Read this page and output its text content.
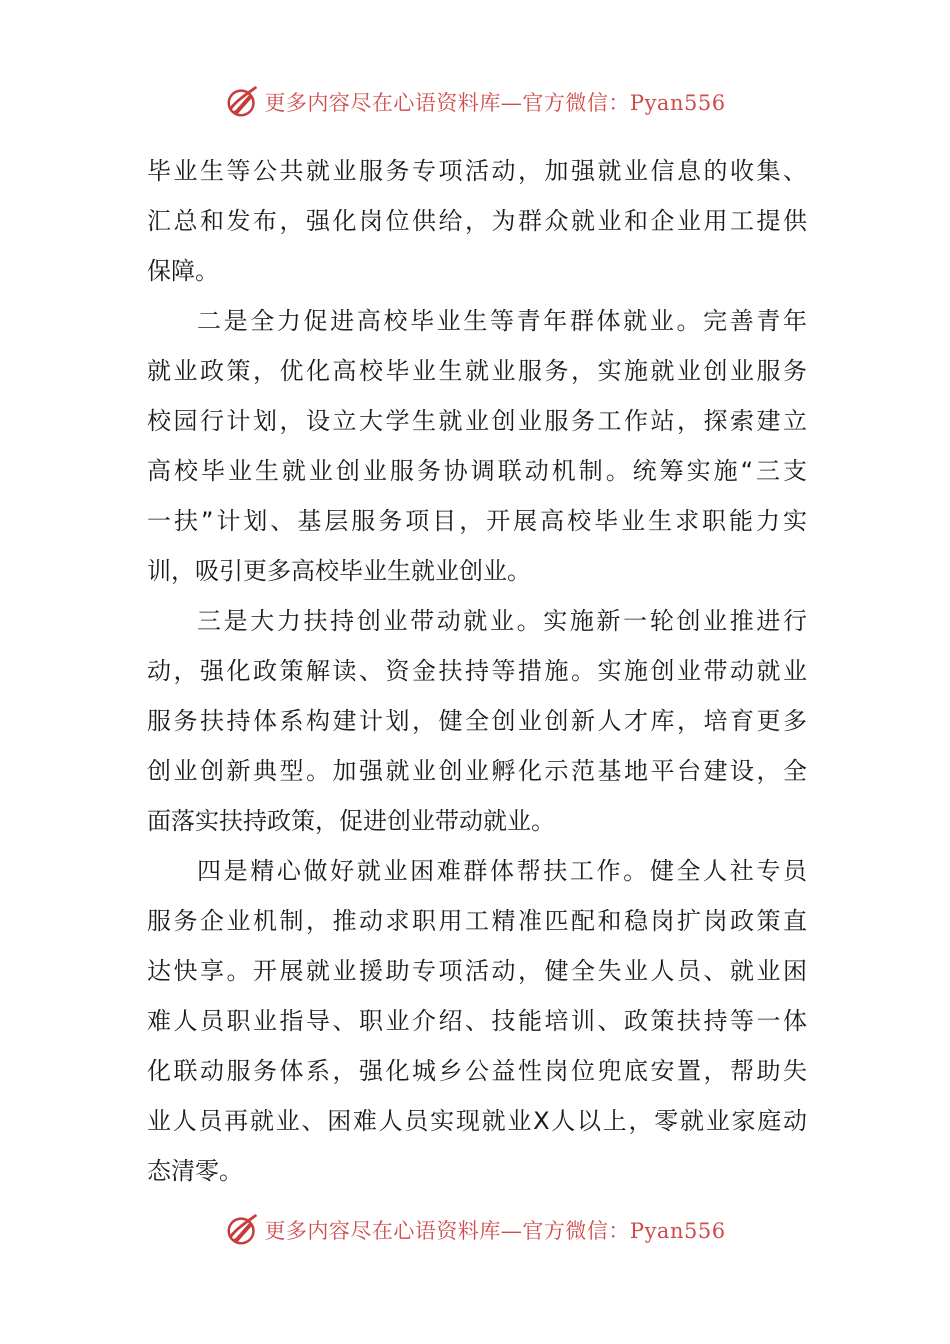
更多内容尽在心语资料库—官方微信：Pyan556
毕业生等公共就业服务专项活动，加强就业信息的收集、
汇总和发布，强化岗位供给，为群众就业和企业用工提供
保障。
二是全力促进高校毕业生等青年群体就业。完善青年
就业政策，优化高校毕业生就业服务，实施就业创业服务
校园行计划，设立大学生就业创业服务工作站，探索建立
高校毕业生就业创业服务协调联动机制。统筹实施“三支
一扶”计划、基层服务项目，开展高校毕业生求职能力实
训，吸引更多高校毕业生就业创业。
三是大力扶持创业带动就业。实施新一轮创业推进行
动，强化政策解读、资金扶持等措施。实施创业带动就业
服务扶持体系构建计划，健全创业创新人才库，培育更多
创业创新典型。加强就业创业孵化示范基地平台建设，全
面落实扶持政策，促进创业带动就业。
四是精心做好就业困难群体帮扶工作。健全人社专员
服务企业机制，推动求职用工精准匹配和稳岗扩岗政策直
达快享。开展就业援助专项活动，健全失业人员、就业困
难人员职业指导、职业介绍、技能培训、政策扶持等一体
化联动服务体系，强化城乡公益性岗位兜底安置，帮助失
业人员再就业、困难人员实现就业X人以上，零就业家庭动
态清零。
更多内容尽在心语资料库—官方微信：Pyan556
